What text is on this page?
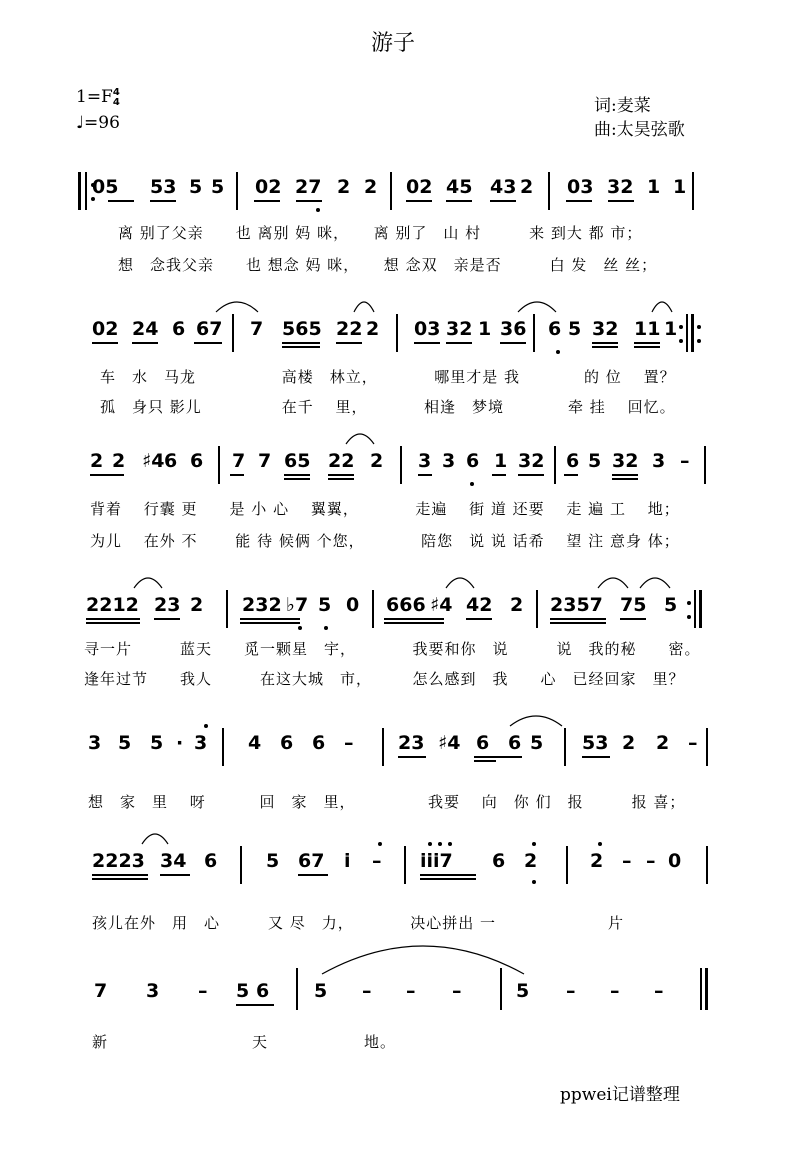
游子
1=F4
4
♩=96
词:麦菜
曲:太昊弦歌
05 53 5 5 02 27 2 2 02 45 43 2 03 32 1 1
离 别了父亲　　也 离别 妈 咪，　　离 别了　山 村　　　来 到大 都 市；
想　念我父亲　　也 想念 妈 咪，　　想 念双　亲是否　　　白 发　丝 丝；
02 24 6 67 7 565 22 2 03 32 1 36 6 5 32 11 1
车　水　马龙　　　　　 高楼　林立，　　　　哪里才是 我　　　　的 位　 置？
孤　身只 影儿　　　　　在千　 里，　　　　相逢　梦境　　　　牵 挂　 回忆。
2 2 ♯4 6 6 7 7 65 22 2 3 3 6 1 32 6 5 32 3 –
背着　 行囊 更　　是 小 心　 翼翼，　　　　走遍　 街 道 还要　 走 遍 工　 地；
为儿　 在外 不　　 能 待 候俩 个您，　　　　陪您　说 说 话希　 望 注 意身 体；
2212 23 2 232 ♭7 5 0 666 ♯4 42 2 2357 75 5
寻一片　　　蓝天　　觅一颗星　宇，　　　　我要和你　说　　　说　我的秘　　密。
逢年过节　　我人　　　在这大城　市，　　　怎么感到　我　　心　已经回家　里？
3 5 5 · 3 4 6 6 – 23 ♯4 6 6 5 53 2 2 –
想　家　里　 呀　　　 回　家　里，　　　　　我要　 向　你 们　报　　　报 喜；
2223 34 6	5 67 i – iii7 6 2	2 – – 0
孩儿在外　用　心　　　又 尽　力，　　　　决心拼出 一　　　　　　　片
7 3 – 5 6 5 – – –	5 – – –
新　　　　　　　　　天　　　　　　地。
ppwei记谱整理
